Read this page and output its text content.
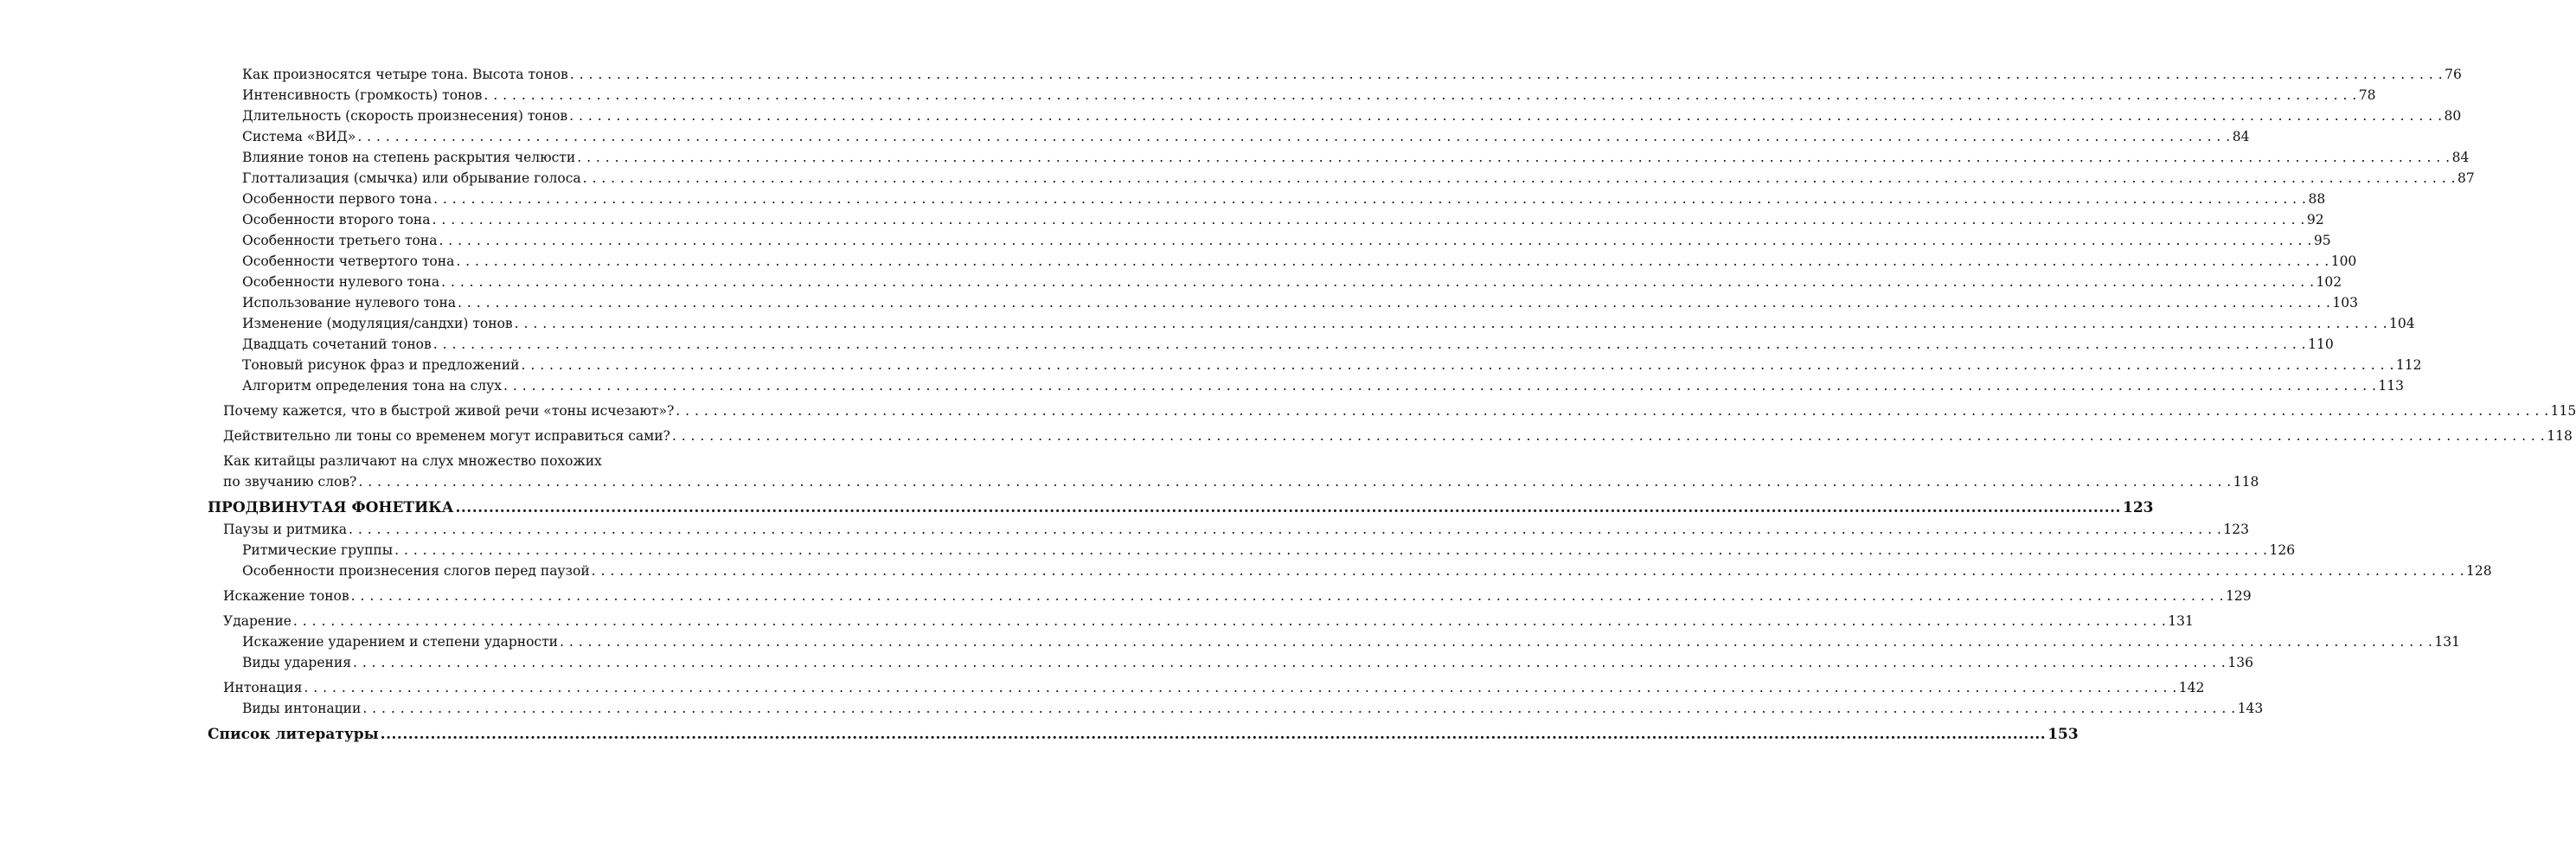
Как произносятся четыре тона. Высота тонов . . . . . . . . . . . . . . . . . . . . . . . . . . . . . . . . . . . . . . . . . . . . . . . . . . . . . . . . . . . . . . . . . . . . . . . . . . . . . . . . . . . . . . . . . . . . . . . . . . . . . . . . . . . . . . . . . . . . . . . . . . . . . . . . . . . . . . . . . . . . . . . . . . . . . . . . . . . . . . . . . . . . . . . . . . . . . . . . . . . . . . . . . . . . . . . . . . . . . . . . 76
Интенсивность (громкость) тонов . . . . . . . . . . . . . . . . . . . . . . . . . . . . . . . . . . . . . . . . . . . . . . . . . . . . . . . . . . . . . . . . . . . . . . . . . . . . . . . . . . . . . . . . . . . . . . . . . . . . . . . . . . . . . . . . . . . . . . . . . . . . . . . . . . . . . . . . . . . . . . . . . . . . . . . . . . . . . . . . . . . . . . . . . . . . . . . . . . . . . . . . . . . . . . . . . . . . . . . . 78
Длительность (скорость произнесения) тонов . . . . . . . . . . . . . . . . . . . . . . . . . . . . . . . . . . . . . . . . . . . . . . . . . . . . . . . . . . . . . . . . . . . . . . . . . . . . . . . . . . . . . . . . . . . . . . . . . . . . . . . . . . . . . . . . . . . . . . . . . . . . . . . . . . . . . . . . . . . . . . . . . . . . . . . . . . . . . . . . . . . . . . . . . . . . . . . . . . . . . . . . . . . . . . . . . . . . . . . . 80
Система «ВИД» . . . . . . . . . . . . . . . . . . . . . . . . . . . . . . . . . . . . . . . . . . . . . . . . . . . . . . . . . . . . . . . . . . . . . . . . . . . . . . . . . . . . . . . . . . . . . . . . . . . . . . . . . . . . . . . . . . . . . . . . . . . . . . . . . . . . . . . . . . . . . . . . . . . . . . . . . . . . . . . . . . . . . . . . . . . . . . . . . . . . . . . . . . . . . . . . . . . . . . . . 84
Влияние тонов на степень раскрытия челюсти . . . . . . . . . . . . . . . . . . . . . . . . . . . . . . . . . . . . . . . . . . . . . . . . . . . . . . . . . . . . . . . . . . . . . . . . . . . . . . . . . . . . . . . . . . . . . . . . . . . . . . . . . . . . . . . . . . . . . . . . . . . . . . . . . . . . . . . . . . . . . . . . . . . . . . . . . . . . . . . . . . . . . . . . . . . . . . . . . . . . . . . . . . . . . . . . . . . . . . . . 84
Глоттализация (смычка) или обрывание голоса . . . . . . . . . . . . . . . . . . . . . . . . . . . . . . . . . . . . . . . . . . . . . . . . . . . . . . . . . . . . . . . . . . . . . . . . . . . . . . . . . . . . . . . . . . . . . . . . . . . . . . . . . . . . . . . . . . . . . . . . . . . . . . . . . . . . . . . . . . . . . . . . . . . . . . . . . . . . . . . . . . . . . . . . . . . . . . . . . . . . . . . . . . . . . . . . . . . . . . . . 87
Особенности первого тона . . . . . . . . . . . . . . . . . . . . . . . . . . . . . . . . . . . . . . . . . . . . . . . . . . . . . . . . . . . . . . . . . . . . . . . . . . . . . . . . . . . . . . . . . . . . . . . . . . . . . . . . . . . . . . . . . . . . . . . . . . . . . . . . . . . . . . . . . . . . . . . . . . . . . . . . . . . . . . . . . . . . . . . . . . . . . . . . . . . . . . . . . . . . . . . . . . . . . . . . 88
Особенности второго тона . . . . . . . . . . . . . . . . . . . . . . . . . . . . . . . . . . . . . . . . . . . . . . . . . . . . . . . . . . . . . . . . . . . . . . . . . . . . . . . . . . . . . . . . . . . . . . . . . . . . . . . . . . . . . . . . . . . . . . . . . . . . . . . . . . . . . . . . . . . . . . . . . . . . . . . . . . . . . . . . . . . . . . . . . . . . . . . . . . . . . . . . . . . . . . . . . . . . . . . . 92
Особенности третьего тона . . . . . . . . . . . . . . . . . . . . . . . . . . . . . . . . . . . . . . . . . . . . . . . . . . . . . . . . . . . . . . . . . . . . . . . . . . . . . . . . . . . . . . . . . . . . . . . . . . . . . . . . . . . . . . . . . . . . . . . . . . . . . . . . . . . . . . . . . . . . . . . . . . . . . . . . . . . . . . . . . . . . . . . . . . . . . . . . . . . . . . . . . . . . . . . . . . . . . . . . 95
Особенности четвертого тона . . . . . . . . . . . . . . . . . . . . . . . . . . . . . . . . . . . . . . . . . . . . . . . . . . . . . . . . . . . . . . . . . . . . . . . . . . . . . . . . . . . . . . . . . . . . . . . . . . . . . . . . . . . . . . . . . . . . . . . . . . . . . . . . . . . . . . . . . . . . . . . . . . . . . . . . . . . . . . . . . . . . . . . . . . . . . . . . . . . . . . . . . . . . . . . . . . . . . . . . 100
Особенности нулевого тона . . . . . . . . . . . . . . . . . . . . . . . . . . . . . . . . . . . . . . . . . . . . . . . . . . . . . . . . . . . . . . . . . . . . . . . . . . . . . . . . . . . . . . . . . . . . . . . . . . . . . . . . . . . . . . . . . . . . . . . . . . . . . . . . . . . . . . . . . . . . . . . . . . . . . . . . . . . . . . . . . . . . . . . . . . . . . . . . . . . . . . . . . . . . . . . . . . . . . . . . 102
Использование нулевого тона . . . . . . . . . . . . . . . . . . . . . . . . . . . . . . . . . . . . . . . . . . . . . . . . . . . . . . . . . . . . . . . . . . . . . . . . . . . . . . . . . . . . . . . . . . . . . . . . . . . . . . . . . . . . . . . . . . . . . . . . . . . . . . . . . . . . . . . . . . . . . . . . . . . . . . . . . . . . . . . . . . . . . . . . . . . . . . . . . . . . . . . . . . . . . . . . . . . . . . . . 103
Изменение (модуляция/сандхи) тонов . . . . . . . . . . . . . . . . . . . . . . . . . . . . . . . . . . . . . . . . . . . . . . . . . . . . . . . . . . . . . . . . . . . . . . . . . . . . . . . . . . . . . . . . . . . . . . . . . . . . . . . . . . . . . . . . . . . . . . . . . . . . . . . . . . . . . . . . . . . . . . . . . . . . . . . . . . . . . . . . . . . . . . . . . . . . . . . . . . . . . . . . . . . . . . . . . . . . . . . . 104
Двадцать сочетаний тонов . . . . . . . . . . . . . . . . . . . . . . . . . . . . . . . . . . . . . . . . . . . . . . . . . . . . . . . . . . . . . . . . . . . . . . . . . . . . . . . . . . . . . . . . . . . . . . . . . . . . . . . . . . . . . . . . . . . . . . . . . . . . . . . . . . . . . . . . . . . . . . . . . . . . . . . . . . . . . . . . . . . . . . . . . . . . . . . . . . . . . . . . . . . . . . . . . . . . . . . . 110
Тоновый рисунок фраз и предложений . . . . . . . . . . . . . . . . . . . . . . . . . . . . . . . . . . . . . . . . . . . . . . . . . . . . . . . . . . . . . . . . . . . . . . . . . . . . . . . . . . . . . . . . . . . . . . . . . . . . . . . . . . . . . . . . . . . . . . . . . . . . . . . . . . . . . . . . . . . . . . . . . . . . . . . . . . . . . . . . . . . . . . . . . . . . . . . . . . . . . . . . . . . . . . . . . . . . . . . . 112
Алгоритм определения тона на слух . . . . . . . . . . . . . . . . . . . . . . . . . . . . . . . . . . . . . . . . . . . . . . . . . . . . . . . . . . . . . . . . . . . . . . . . . . . . . . . . . . . . . . . . . . . . . . . . . . . . . . . . . . . . . . . . . . . . . . . . . . . . . . . . . . . . . . . . . . . . . . . . . . . . . . . . . . . . . . . . . . . . . . . . . . . . . . . . . . . . . . . . . . . . . . . . . . . . . . . . 113
Почему кажется, что в быстрой живой речи «тоны исчезают»? . . . . . . . . . . . . . . . . . . . . . . . . . . . . . . . . . . . . . . . . . . . . . . . . . . . . . . . . . . . . . . . . . . . . . . . . . . . . . . . . . . . . . . . . . . . . . . . . . . . . . . . . . . . . . . . . . . . . . . . . . . . . . . . . . . . . . . . . . . . . . . . . . . . . . . . . . . . . . . . . . . . . . . . . . . . . . . . . . . . . . . . . . . . . . . . . . . . . . . . . 115
Действительно ли тоны со временем могут исправиться сами? . . . . . . . . . . . . . . . . . . . . . . . . . . . . . . . . . . . . . . . . . . . . . . . . . . . . . . . . . . . . . . . . . . . . . . . . . . . . . . . . . . . . . . . . . . . . . . . . . . . . . . . . . . . . . . . . . . . . . . . . . . . . . . . . . . . . . . . . . . . . . . . . . . . . . . . . . . . . . . . . . . . . . . . . . . . . . . . . . . . . . . . . . . . . . . . . . . . . . . . . 118
Как китайцы различают на слух множество похожих
по звучанию слов? . . . . . . . . . . . . . . . . . . . . . . . . . . . . . . . . . . . . . . . . . . . . . . . . . . . . . . . . . . . . . . . . . . . . . . . . . . . . . . . . . . . . . . . . . . . . . . . . . . . . . . . . . . . . . . . . . . . . . . . . . . . . . . . . . . . . . . . . . . . . . . . . . . . . . . . . . . . . . . . . . . . . . . . . . . . . . . . . . . . . . . . . . . . . . . . . . . . . . . . . 118
ПРОДВИНУТАЯ ФОНЕТИКА ............................................................................................................................................................................................................................................................................................................ 123
Паузы и ритмика . . . . . . . . . . . . . . . . . . . . . . . . . . . . . . . . . . . . . . . . . . . . . . . . . . . . . . . . . . . . . . . . . . . . . . . . . . . . . . . . . . . . . . . . . . . . . . . . . . . . . . . . . . . . . . . . . . . . . . . . . . . . . . . . . . . . . . . . . . . . . . . . . . . . . . . . . . . . . . . . . . . . . . . . . . . . . . . . . . . . . . . . . . . . . . . . . . . . . . . . 123
Ритмические группы . . . . . . . . . . . . . . . . . . . . . . . . . . . . . . . . . . . . . . . . . . . . . . . . . . . . . . . . . . . . . . . . . . . . . . . . . . . . . . . . . . . . . . . . . . . . . . . . . . . . . . . . . . . . . . . . . . . . . . . . . . . . . . . . . . . . . . . . . . . . . . . . . . . . . . . . . . . . . . . . . . . . . . . . . . . . . . . . . . . . . . . . . . . . . . . . . . . . . . . . 126
Особенности произнесения слогов перед паузой . . . . . . . . . . . . . . . . . . . . . . . . . . . . . . . . . . . . . . . . . . . . . . . . . . . . . . . . . . . . . . . . . . . . . . . . . . . . . . . . . . . . . . . . . . . . . . . . . . . . . . . . . . . . . . . . . . . . . . . . . . . . . . . . . . . . . . . . . . . . . . . . . . . . . . . . . . . . . . . . . . . . . . . . . . . . . . . . . . . . . . . . . . . . . . . . . . . . . . . . 128
Искажение тонов . . . . . . . . . . . . . . . . . . . . . . . . . . . . . . . . . . . . . . . . . . . . . . . . . . . . . . . . . . . . . . . . . . . . . . . . . . . . . . . . . . . . . . . . . . . . . . . . . . . . . . . . . . . . . . . . . . . . . . . . . . . . . . . . . . . . . . . . . . . . . . . . . . . . . . . . . . . . . . . . . . . . . . . . . . . . . . . . . . . . . . . . . . . . . . . . . . . . . . . . 129
Ударение . . . . . . . . . . . . . . . . . . . . . . . . . . . . . . . . . . . . . . . . . . . . . . . . . . . . . . . . . . . . . . . . . . . . . . . . . . . . . . . . . . . . . . . . . . . . . . . . . . . . . . . . . . . . . . . . . . . . . . . . . . . . . . . . . . . . . . . . . . . . . . . . . . . . . . . . . . . . . . . . . . . . . . . . . . . . . . . . . . . . . . . . . . . . . . . . . . . . . . . . 131
Искажение ударением и степени ударности . . . . . . . . . . . . . . . . . . . . . . . . . . . . . . . . . . . . . . . . . . . . . . . . . . . . . . . . . . . . . . . . . . . . . . . . . . . . . . . . . . . . . . . . . . . . . . . . . . . . . . . . . . . . . . . . . . . . . . . . . . . . . . . . . . . . . . . . . . . . . . . . . . . . . . . . . . . . . . . . . . . . . . . . . . . . . . . . . . . . . . . . . . . . . . . . . . . . . . . . 131
Виды ударения . . . . . . . . . . . . . . . . . . . . . . . . . . . . . . . . . . . . . . . . . . . . . . . . . . . . . . . . . . . . . . . . . . . . . . . . . . . . . . . . . . . . . . . . . . . . . . . . . . . . . . . . . . . . . . . . . . . . . . . . . . . . . . . . . . . . . . . . . . . . . . . . . . . . . . . . . . . . . . . . . . . . . . . . . . . . . . . . . . . . . . . . . . . . . . . . . . . . . . . . 136
Интонация . . . . . . . . . . . . . . . . . . . . . . . . . . . . . . . . . . . . . . . . . . . . . . . . . . . . . . . . . . . . . . . . . . . . . . . . . . . . . . . . . . . . . . . . . . . . . . . . . . . . . . . . . . . . . . . . . . . . . . . . . . . . . . . . . . . . . . . . . . . . . . . . . . . . . . . . . . . . . . . . . . . . . . . . . . . . . . . . . . . . . . . . . . . . . . . . . . . . . . . . 142
Виды интонации . . . . . . . . . . . . . . . . . . . . . . . . . . . . . . . . . . . . . . . . . . . . . . . . . . . . . . . . . . . . . . . . . . . . . . . . . . . . . . . . . . . . . . . . . . . . . . . . . . . . . . . . . . . . . . . . . . . . . . . . . . . . . . . . . . . . . . . . . . . . . . . . . . . . . . . . . . . . . . . . . . . . . . . . . . . . . . . . . . . . . . . . . . . . . . . . . . . . . . . . 143
Список литературы ............................................................................................................................................................................................................................................................................................................ 153
